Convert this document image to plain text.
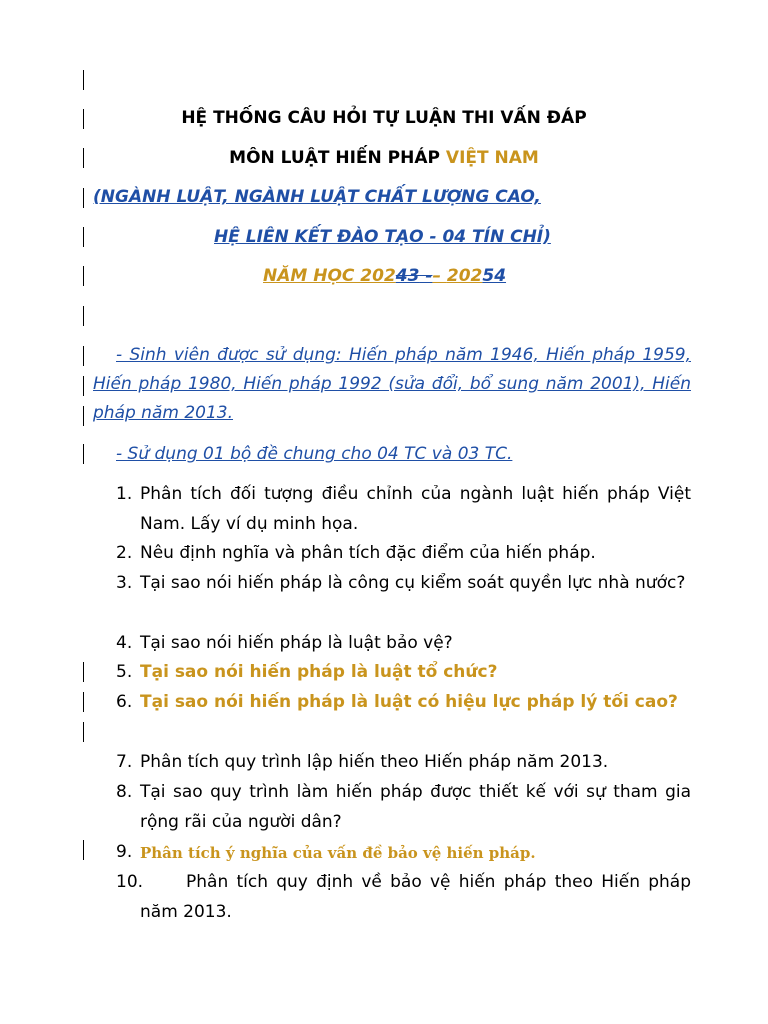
HỆ THỐNG CÂU HỎI TỰ LUẬN THI VẤN ĐÁP
MÔN LUẬT HIẾN PHÁP VIỆT NAM
(NGÀNH LUẬT, NGÀNH LUẬT CHẤT LƯỢNG CAO,
HỆ LIÊN KẾT ĐÀO TẠO - 04 TÍN CHỈ)
NĂM HỌC 20243 -– 20254
- Sinh viên được sử dụng: Hiến pháp năm 1946, Hiến pháp 1959, Hiến pháp 1980, Hiến pháp 1992 (sửa đổi, bổ sung năm 2001), Hiến pháp năm 2013.
- Sử dụng 01 bộ đề chung cho 04 TC và 03 TC.
1. Phân tích đối tượng điều chỉnh của ngành luật hiến pháp Việt Nam. Lấy ví dụ minh họa.
2. Nêu định nghĩa và phân tích đặc điểm của hiến pháp.
3. Tại sao nói hiến pháp là công cụ kiểm soát quyền lực nhà nước?
4. Tại sao nói hiến pháp là luật bảo vệ?
5. Tại sao nói hiến pháp là luật tổ chức?
6. Tại sao nói hiến pháp là luật có hiệu lực pháp lý tối cao?
7. Phân tích quy trình lập hiến theo Hiến pháp năm 2013.
8. Tại sao quy trình làm hiến pháp được thiết kế với sự tham gia rộng rãi của người dân?
9. Phân tích ý nghĩa của vấn đề bảo vệ hiến pháp.
10.	Phân tích quy định về bảo vệ hiến pháp theo Hiến pháp năm 2013.
